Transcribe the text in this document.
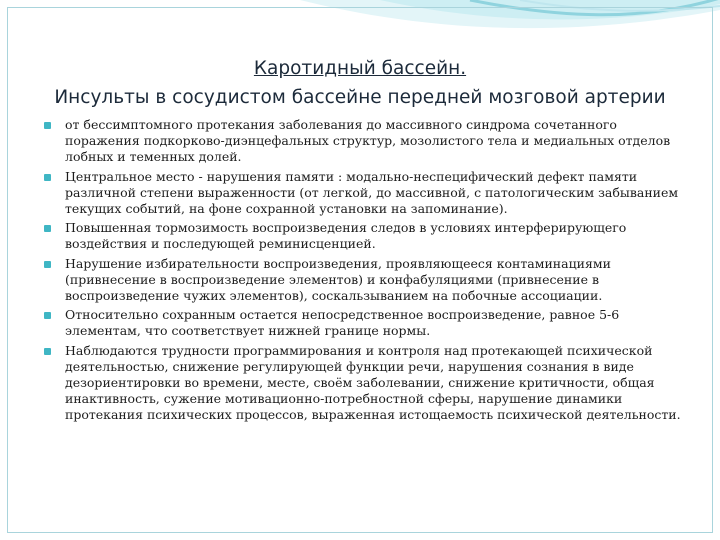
Каротидный бассейн.
Инсульты в сосудистом бассейне передней мозговой артерии
от бессимптомного протекания заболевания до массивного синдрома сочетанного поражения подкорково-диэнцефальных структур, мозолистого тела и медиальных отделов лобных и теменных долей.
Центральное место - нарушения памяти : модально-неспецифический дефект памяти различной степени выраженности (от легкой, до массивной, с патологическим забыванием текущих событий, на фоне сохранной установки на запоминание).
Повышенная тормозимость воспроизведения следов в условиях интерферирующего воздействия и последующей реминисценцией.
Нарушение избирательности воспроизведения, проявляющееся контаминациями (привнесение в воспроизведение элементов) и конфабуляциями (привнесение в воспроизведение чужих элементов), соскальзыванием на побочные ассоциации.
Относительно сохранным остается непосредственное воспроизведение, равное 5-6 элементам, что соответствует нижней границе нормы.
Наблюдаются трудности программирования и контроля над протекающей психической деятельностью, снижение регулирующей функции речи, нарушения сознания в виде дезориентировки во времени, месте, своём заболевании, снижение критичности, общая инактивность, сужение мотивационно-потребностной сферы, нарушение динамики протекания психических процессов, выраженная истощаемость психической деятельности.
